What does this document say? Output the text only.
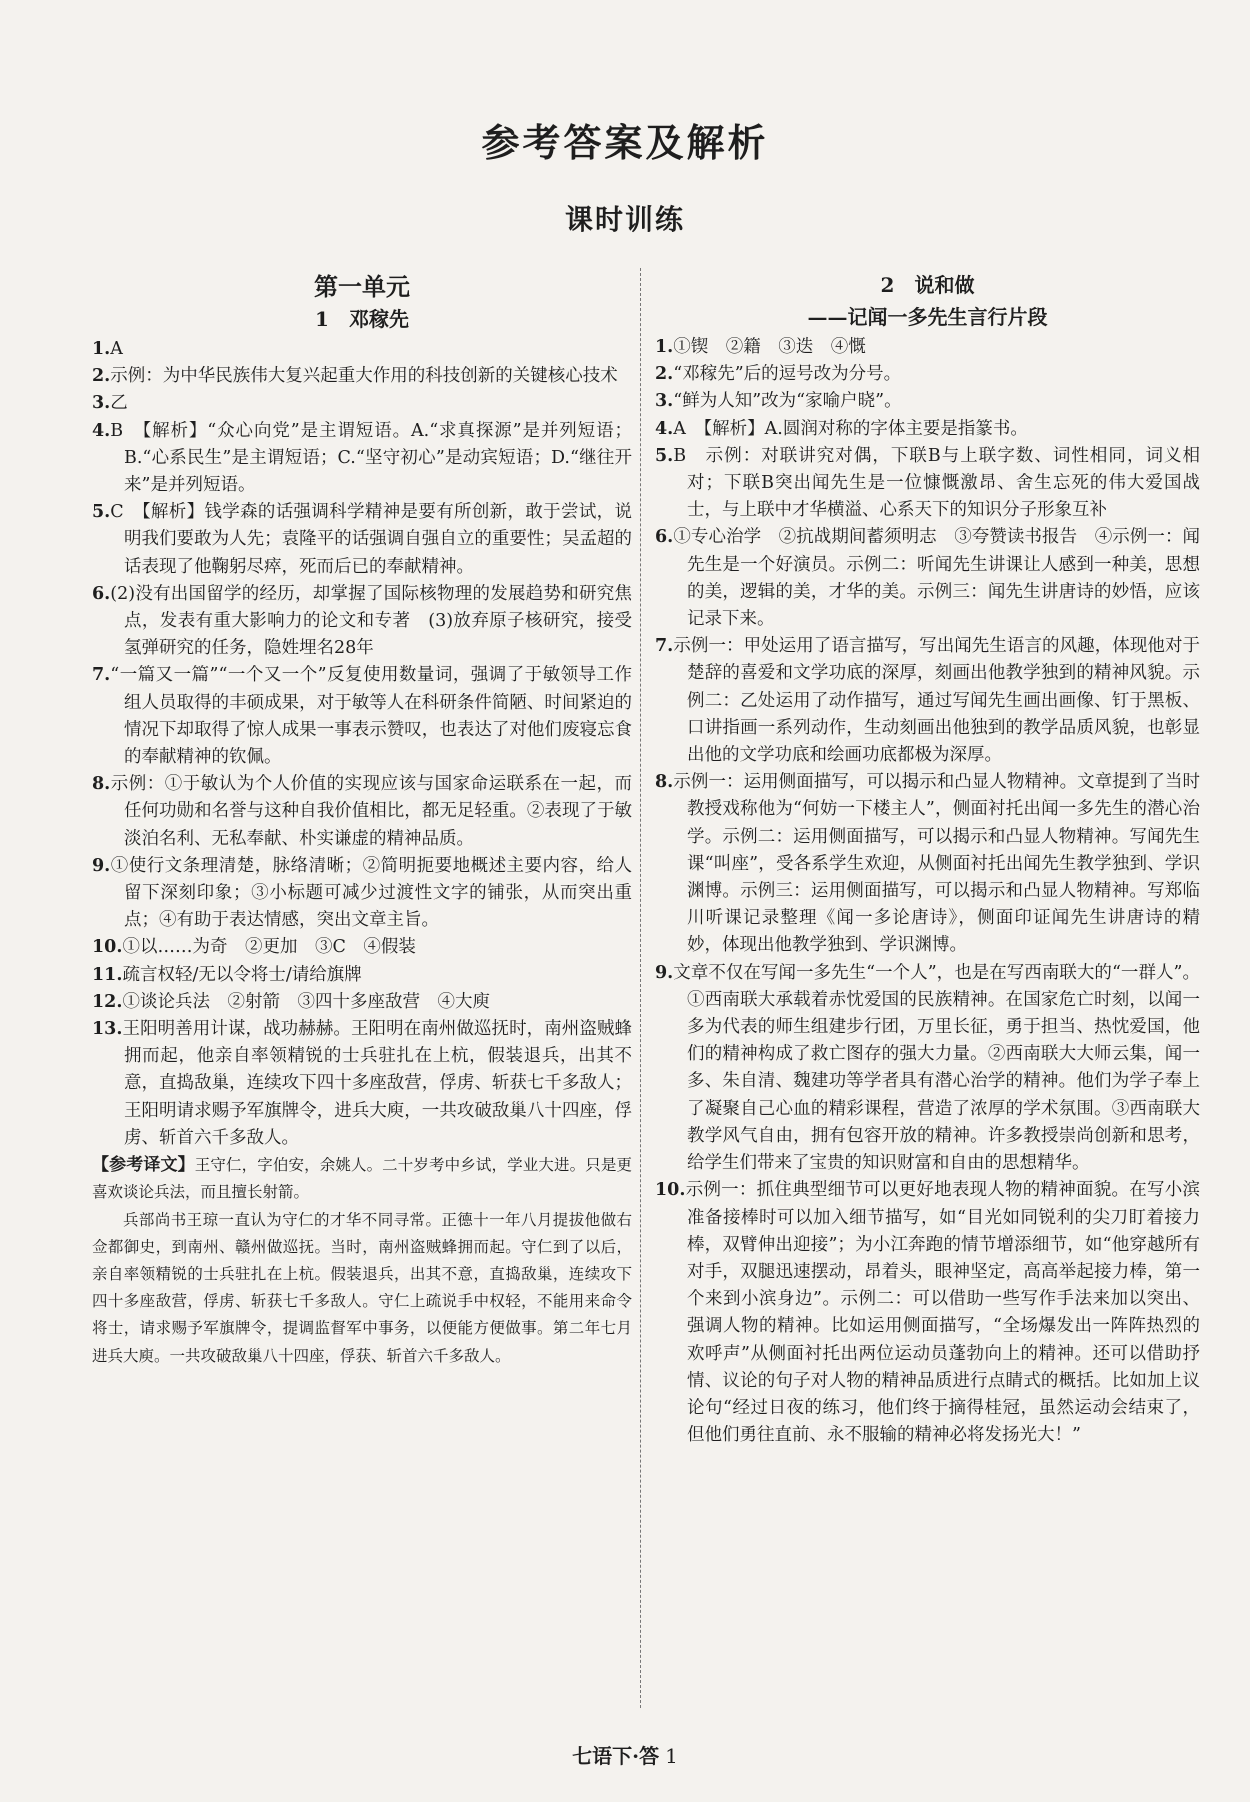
参考答案及解析
课时训练
第一单元
1　邓稼先

1.A

2.示例：为中华民族伟大复兴起重大作用的科技创新的关键核心技术

3.乙

4.B　【解析】“众心向党”是主谓短语。A.“求真探源”是并列短语；B.“心系民生”是主谓短语；C.“坚守初心”是动宾短语；D.“继往开来”是并列短语。

5.C　【解析】钱学森的话强调科学精神是要有所创新，敢于尝试，说明我们要敢为人先；袁隆平的话强调自强自立的重要性；吴孟超的话表现了他鞠躬尽瘁，死而后已的奉献精神。

6.(2)没有出国留学的经历，却掌握了国际核物理的发展趋势和研究焦点，发表有重大影响力的论文和专著　(3)放弃原子核研究，接受氢弹研究的任务，隐姓埋名28年

7.“一篇又一篇”“一个又一个”反复使用数量词，强调了于敏领导工作组人员取得的丰硕成果，对于敏等人在科研条件简陋、时间紧迫的情况下却取得了惊人成果一事表示赞叹，也表达了对他们废寝忘食的奉献精神的钦佩。

8.示例：①于敏认为个人价值的实现应该与国家命运联系在一起，而任何功勋和名誉与这种自我价值相比，都无足轻重。②表现了于敏淡泊名利、无私奉献、朴实谦虚的精神品质。

9.①使行文条理清楚，脉络清晰；②简明扼要地概述主要内容，给人留下深刻印象；③小标题可减少过渡性文字的铺张，从而突出重点；④有助于表达情感，突出文章主旨。

10.①以……为奇　②更加　③C　④假装

11.疏言权轻/无以令将士/请给旗牌

12.①谈论兵法　②射箭　③四十多座敌营　④大庾

13.王阳明善用计谋，战功赫赫。王阳明在南州做巡抚时，南州盗贼蜂拥而起，他亲自率领精锐的士兵驻扎在上杭，假装退兵，出其不意，直捣敌巢，连续攻下四十多座敌营，俘虏、斩获七千多敌人；王阳明请求赐予军旗牌令，进兵大庾，一共攻破敌巢八十四座，俘虏、斩首六千多敌人。

【参考译文】王守仁，字伯安，余姚人。二十岁考中乡试，学业大进。只是更喜欢谈论兵法，而且擅长射箭。

兵部尚书王琼一直认为守仁的才华不同寻常。正德十一年八月提拔他做右佥都御史，到南州、赣州做巡抚。当时，南州盗贼蜂拥而起。守仁到了以后，亲自率领精锐的士兵驻扎在上杭。假装退兵，出其不意，直捣敌巢，连续攻下四十多座敌营，俘虏、斩获七千多敌人。守仁上疏说手中权轻，不能用来命令将士，请求赐予军旗牌令，提调监督军中事务，以便能方便做事。第二年七月进兵大庾。一共攻破敌巢八十四座，俘获、斩首六千多敌人。

2　说和做
——记闻一多先生言行片段

1.①锲　②籍　③迭　④慨

2.“邓稼先”后的逗号改为分号。

3.“鲜为人知”改为“家喻户晓”。

4.A　【解析】A.圆润对称的字体主要是指篆书。

5.B　示例：对联讲究对偶，下联B与上联字数、词性相同，词义相对；下联B突出闻先生是一位慷慨激昂、舍生忘死的伟大爱国战士，与上联中才华横溢、心系天下的知识分子形象互补

6.①专心治学　②抗战期间蓄须明志　③夸赞读书报告　④示例一：闻先生是一个好演员。示例二：听闻先生讲课让人感到一种美，思想的美，逻辑的美，才华的美。示例三：闻先生讲唐诗的妙悟，应该记录下来。

7.示例一：甲处运用了语言描写，写出闻先生语言的风趣，体现他对于楚辞的喜爱和文学功底的深厚，刻画出他教学独到的精神风貌。示例二：乙处运用了动作描写，通过写闻先生画出画像、钉于黑板、口讲指画一系列动作，生动刻画出他独到的教学品质风貌，也彰显出他的文学功底和绘画功底都极为深厚。

8.示例一：运用侧面描写，可以揭示和凸显人物精神。文章提到了当时教授戏称他为“何妨一下楼主人”，侧面衬托出闻一多先生的潜心治学。示例二：运用侧面描写，可以揭示和凸显人物精神。写闻先生课“叫座”，受各系学生欢迎，从侧面衬托出闻先生教学独到、学识渊博。示例三：运用侧面描写，可以揭示和凸显人物精神。写郑临川听课记录整理《闻一多论唐诗》，侧面印证闻先生讲唐诗的精妙，体现出他教学独到、学识渊博。

9.文章不仅在写闻一多先生“一个人”，也是在写西南联大的“一群人”。①西南联大承载着赤忱爱国的民族精神。在国家危亡时刻，以闻一多为代表的师生组建步行团，万里长征，勇于担当、热忱爱国，他们的精神构成了救亡图存的强大力量。②西南联大大师云集，闻一多、朱自清、魏建功等学者具有潜心治学的精神。他们为学子奉上了凝聚自己心血的精彩课程，营造了浓厚的学术氛围。③西南联大教学风气自由，拥有包容开放的精神。许多教授崇尚创新和思考，给学生们带来了宝贵的知识财富和自由的思想精华。

10.示例一：抓住典型细节可以更好地表现人物的精神面貌。在写小滨准备接棒时可以加入细节描写，如“目光如同锐利的尖刀盯着接力棒，双臂伸出迎接”；为小江奔跑的情节增添细节，如“他穿越所有对手，双腿迅速摆动，昂着头，眼神坚定，高高举起接力棒，第一个来到小滨身边”。示例二：可以借助一些写作手法来加以突出、强调人物的精神。比如运用侧面描写，“全场爆发出一阵阵热烈的欢呼声”从侧面衬托出两位运动员蓬勃向上的精神。还可以借助抒情、议论的句子对人物的精神品质进行点睛式的概括。比如加上议论句“经过日夜的练习，他们终于摘得桂冠，虽然运动会结束了，但他们勇往直前、永不服输的精神必将发扬光大！”

七语下·答 1
